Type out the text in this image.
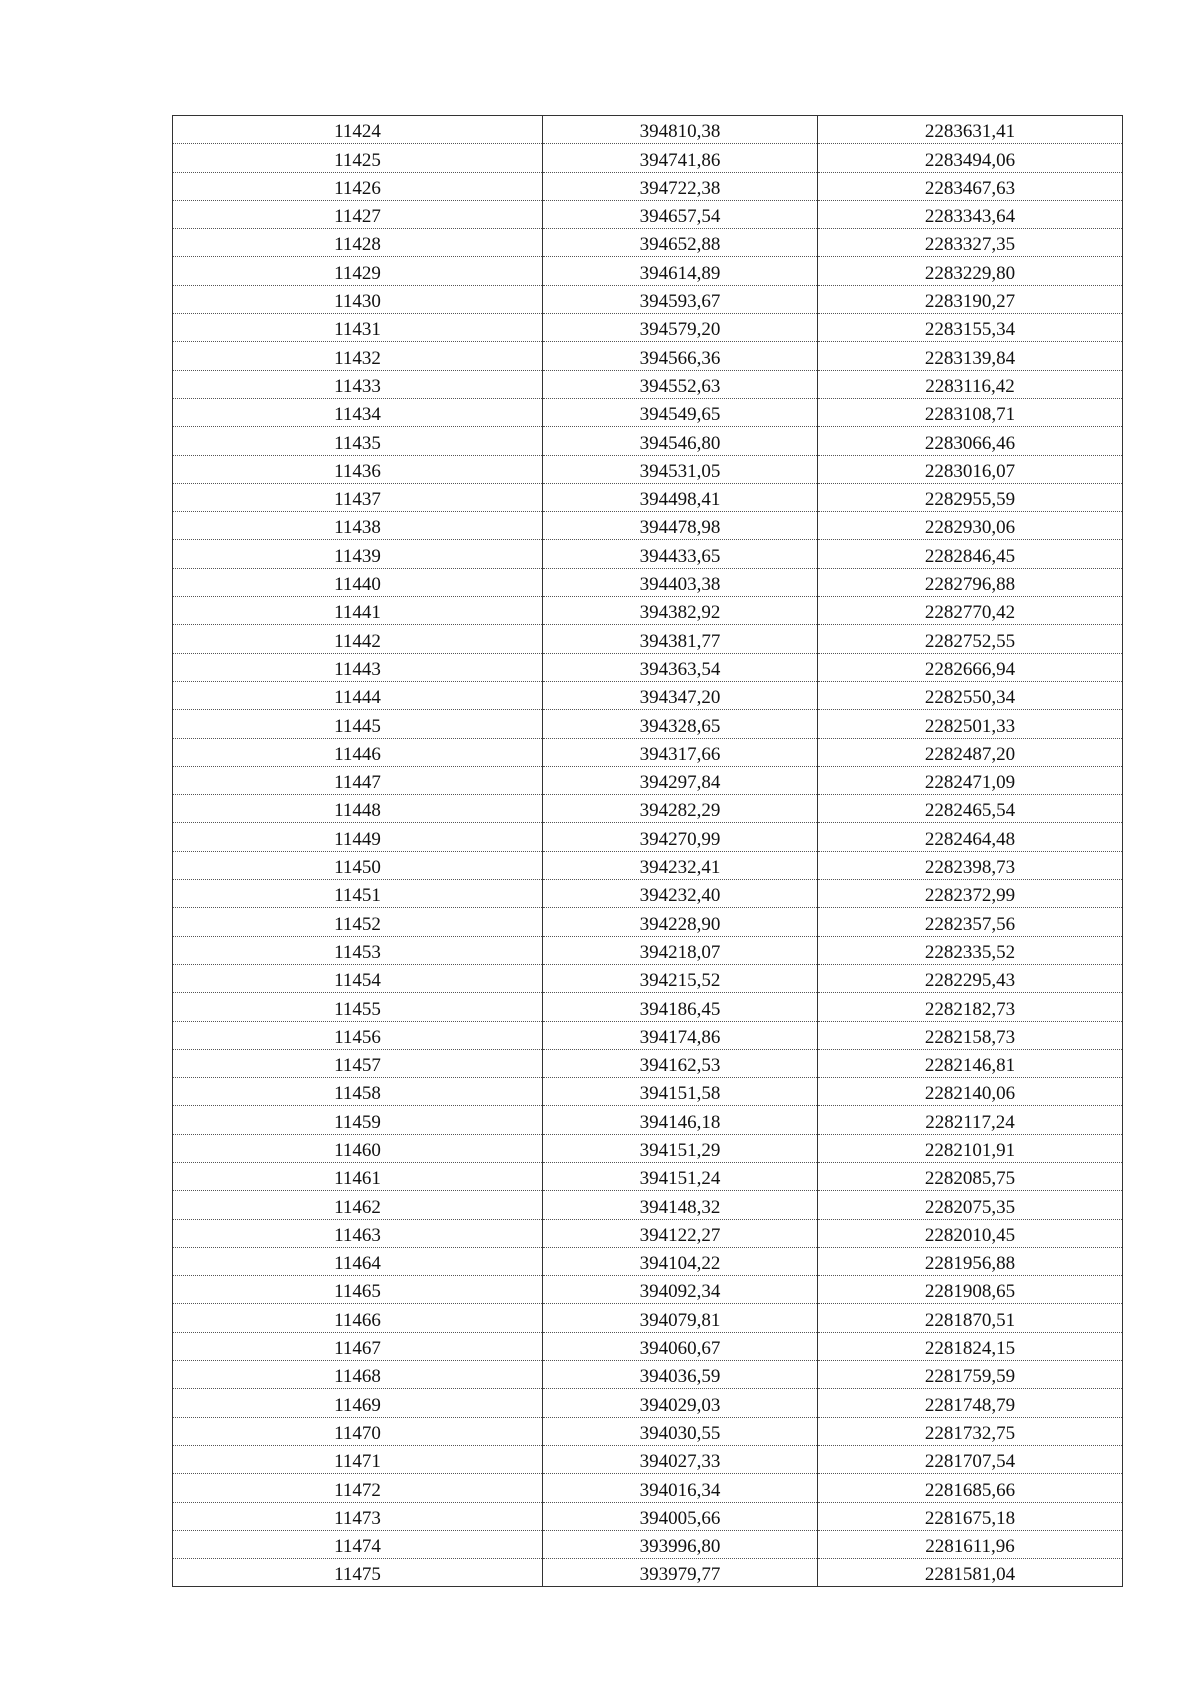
11424	394810,38	2283631,41
11425	394741,86	2283494,06
11426	394722,38	2283467,63
11427	394657,54	2283343,64
11428	394652,88	2283327,35
11429	394614,89	2283229,80
11430	394593,67	2283190,27
11431	394579,20	2283155,34
11432	394566,36	2283139,84
11433	394552,63	2283116,42
11434	394549,65	2283108,71
11435	394546,80	2283066,46
11436	394531,05	2283016,07
11437	394498,41	2282955,59
11438	394478,98	2282930,06
11439	394433,65	2282846,45
11440	394403,38	2282796,88
11441	394382,92	2282770,42
11442	394381,77	2282752,55
11443	394363,54	2282666,94
11444	394347,20	2282550,34
11445	394328,65	2282501,33
11446	394317,66	2282487,20
11447	394297,84	2282471,09
11448	394282,29	2282465,54
11449	394270,99	2282464,48
11450	394232,41	2282398,73
11451	394232,40	2282372,99
11452	394228,90	2282357,56
11453	394218,07	2282335,52
11454	394215,52	2282295,43
11455	394186,45	2282182,73
11456	394174,86	2282158,73
11457	394162,53	2282146,81
11458	394151,58	2282140,06
11459	394146,18	2282117,24
11460	394151,29	2282101,91
11461	394151,24	2282085,75
11462	394148,32	2282075,35
11463	394122,27	2282010,45
11464	394104,22	2281956,88
11465	394092,34	2281908,65
11466	394079,81	2281870,51
11467	394060,67	2281824,15
11468	394036,59	2281759,59
11469	394029,03	2281748,79
11470	394030,55	2281732,75
11471	394027,33	2281707,54
11472	394016,34	2281685,66
11473	394005,66	2281675,18
11474	393996,80	2281611,96
11475	393979,77	2281581,04
